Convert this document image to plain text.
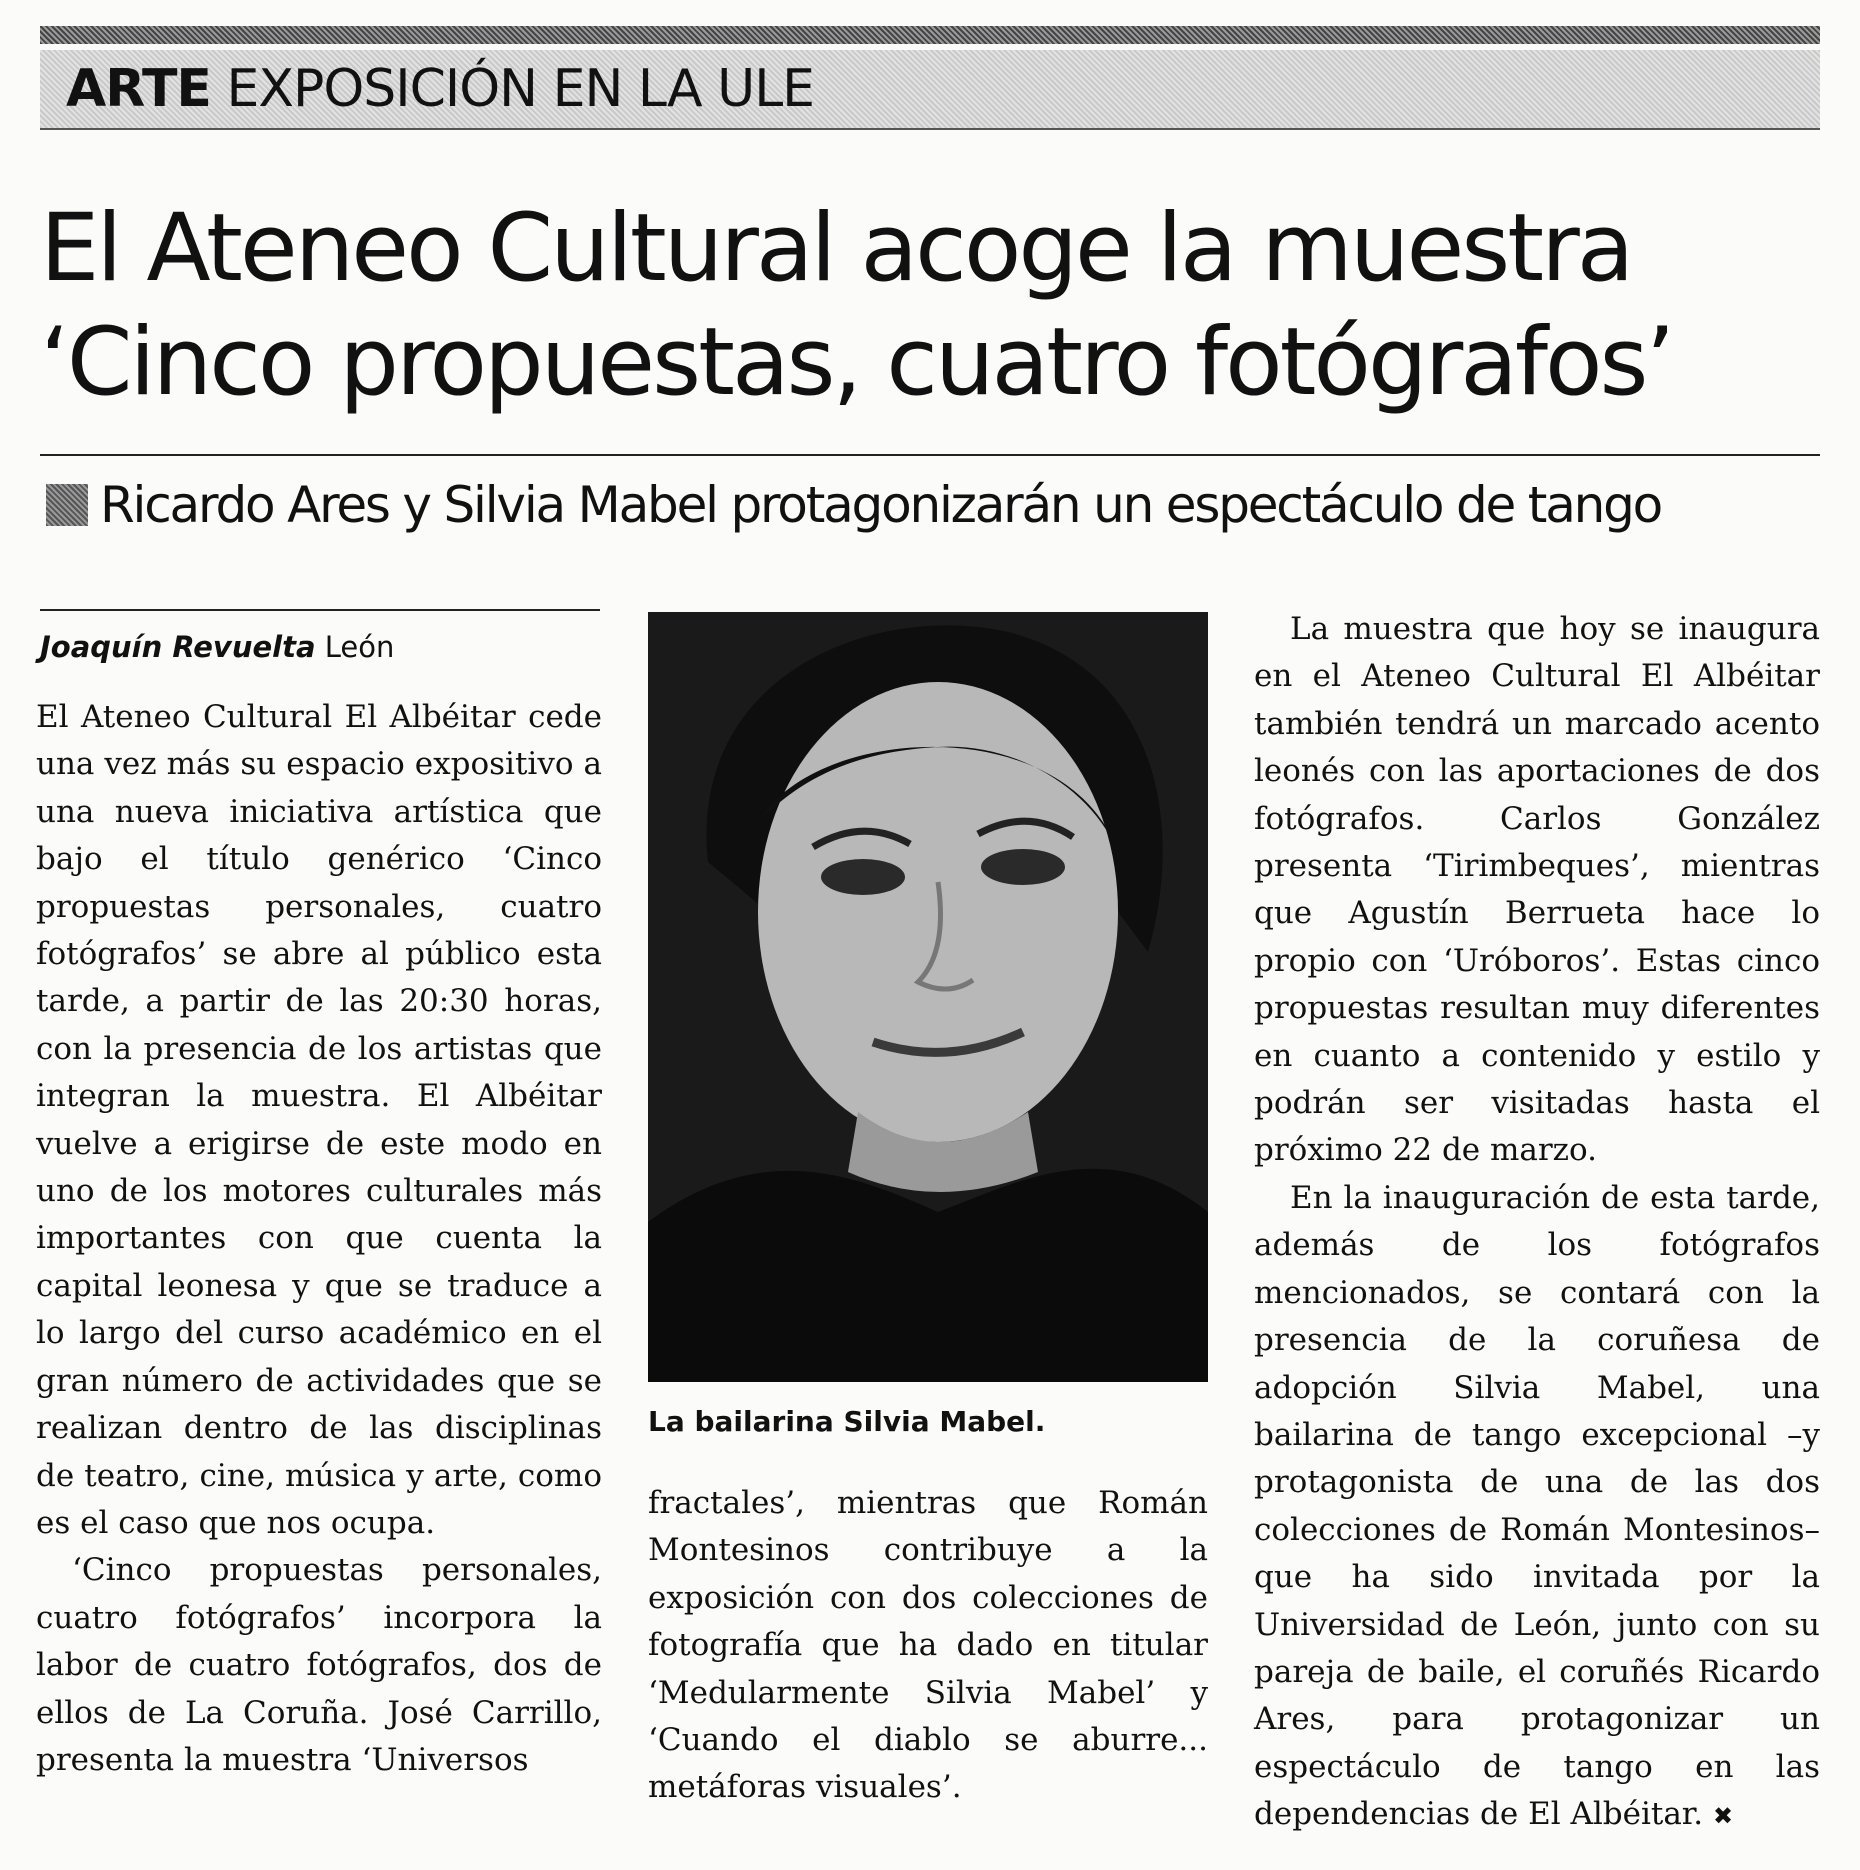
ARTE EXPOSICIÓN EN LA ULE
El Ateneo Cultural acoge la muestra
‘Cinco propuestas, cuatro fotógrafos’
Ricardo Ares y Silvia Mabel protagonizarán un espectáculo de tango
Joaquín Revuelta León

El Ateneo Cultural El Albéitar cede una vez más su espacio expositivo a una nueva iniciativa artística que bajo el título genérico ‘Cinco propuestas personales, cuatro fotógrafos’ se abre al público esta tarde, a partir de las 20:30 horas, con la presencia de los artistas que integran la muestra. El Albéitar vuelve a erigirse de este modo en uno de los motores culturales más importantes con que cuenta la capital leonesa y que se traduce a lo largo del curso académico en el gran número de actividades que se realizan dentro de las disciplinas de teatro, cine, música y arte, como es el caso que nos ocupa.

‘Cinco propuestas personales, cuatro fotógrafos’ incorpora la labor de cuatro fotógrafos, dos de ellos de La Coruña. José Carrillo, presenta la muestra ‘Universos

La bailarina Silvia Mabel.

fractales’, mientras que Román Montesinos contribuye a la exposición con dos colecciones de fotografía que ha dado en titular ‘Medularmente Silvia Mabel’ y ‘Cuando el diablo se aburre... metáforas visuales’.

La muestra que hoy se inaugura en el Ateneo Cultural El Albéitar también tendrá un marcado acento leonés con las aportaciones de dos fotógrafos. Carlos González presenta ‘Tirimbeques’, mientras que Agustín Berrueta hace lo propio con ‘Uróboros’. Estas cinco propuestas resultan muy diferentes en cuanto a contenido y estilo y podrán ser visitadas hasta el próximo 22 de marzo.

En la inauguración de esta tarde, además de los fotógrafos mencionados, se contará con la presencia de la coruñesa de adopción Silvia Mabel, una bailarina de tango excepcional –y protagonista de una de las dos colecciones de Román Montesinos– que ha sido invitada por la Universidad de León, junto con su pareja de baile, el coruñés Ricardo Ares, para protagonizar un espectáculo de tango en las dependencias de El Albéitar. ✖
